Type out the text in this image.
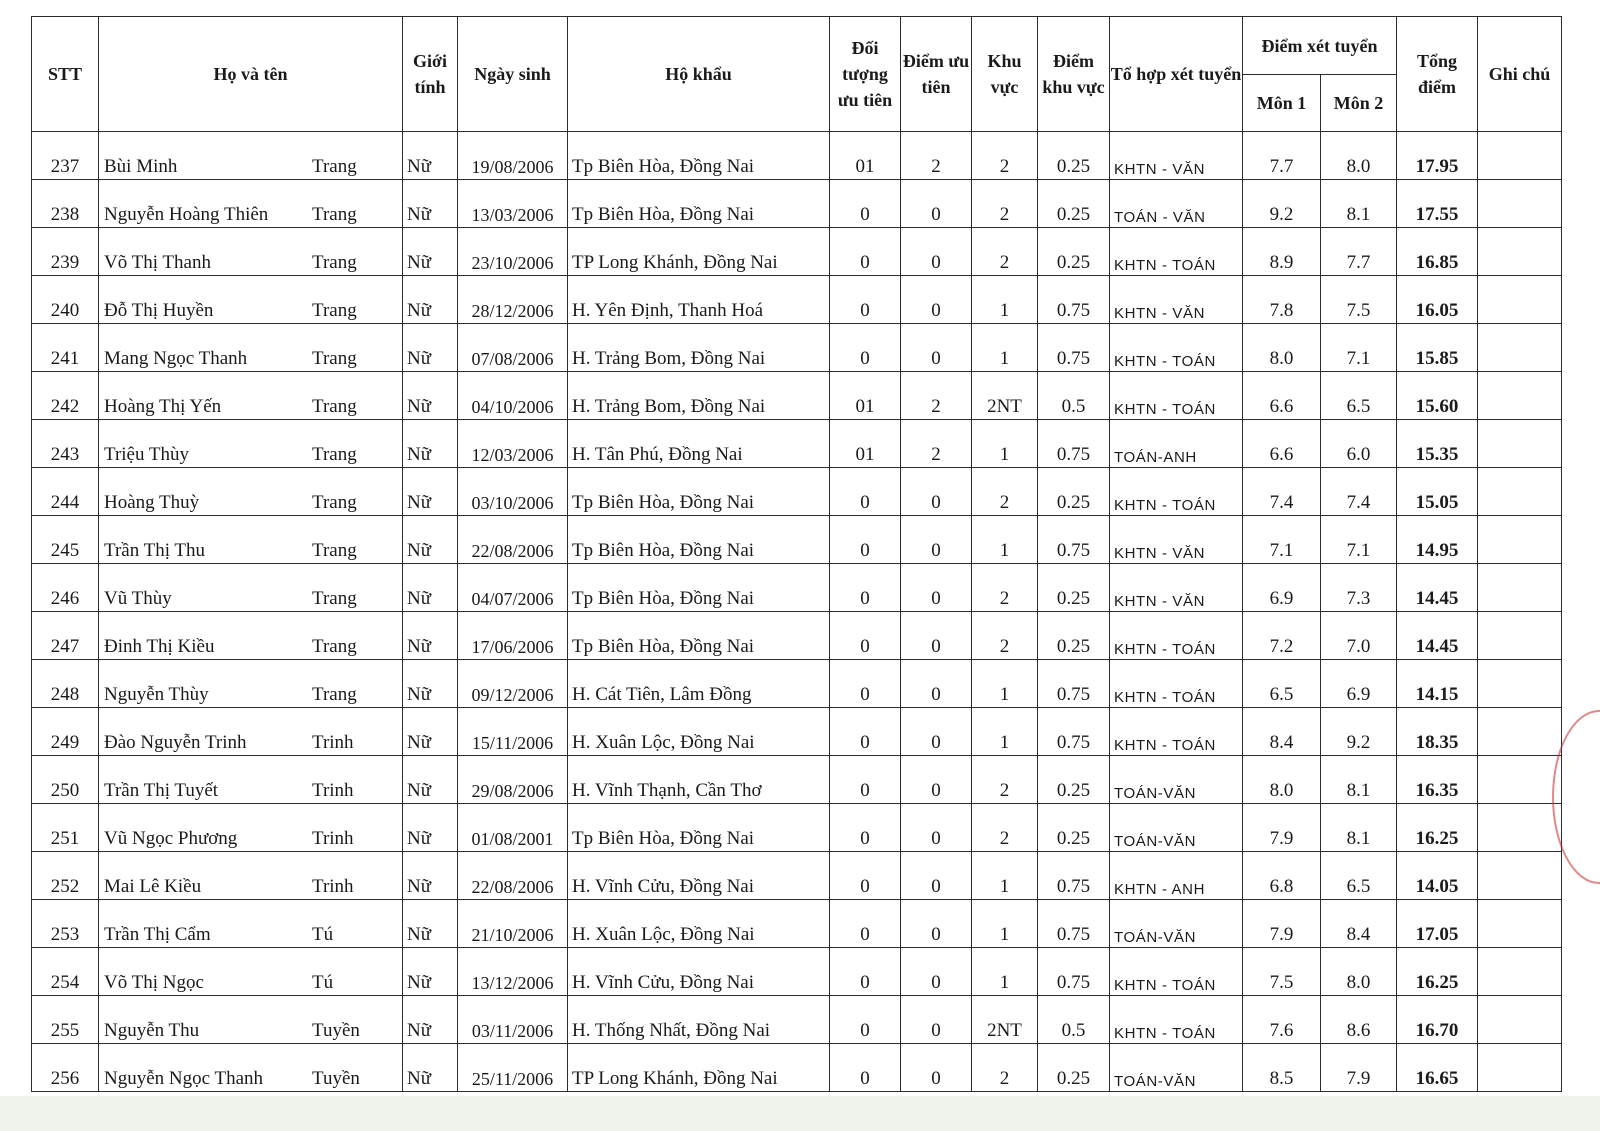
STT	Họ và tên	Giới tính	Ngày sinh	Hộ khẩu	Đối tượng ưu tiên	Điểm ưu tiên	Khu vực	Điểm khu vực	Tổ hợp xét tuyển	Điểm xét tuyển		Tổng điểm	Ghi chú
										Môn 1	Môn 2		
237	Bùi Minh Trang	Nữ	19/08/2006	Tp Biên Hòa, Đồng Nai	01	2	2	0.25	KHTN - VĂN	7.7	8.0	17.95	
238	Nguyễn Hoàng Thiên Trang	Nữ	13/03/2006	Tp Biên Hòa, Đồng Nai	0	0	2	0.25	TOÁN - VĂN	9.2	8.1	17.55	
239	Võ Thị Thanh Trang	Nữ	23/10/2006	TP Long Khánh, Đồng Nai	0	0	2	0.25	KHTN - TOÁN	8.9	7.7	16.85	
240	Đỗ Thị Huyền Trang	Nữ	28/12/2006	H. Yên Định, Thanh Hoá	0	0	1	0.75	KHTN - VĂN	7.8	7.5	16.05	
241	Mang Ngọc Thanh Trang	Nữ	07/08/2006	H. Trảng Bom, Đồng Nai	0	0	1	0.75	KHTN - TOÁN	8.0	7.1	15.85	
242	Hoàng Thị Yến Trang	Nữ	04/10/2006	H. Trảng Bom, Đồng Nai	01	2	2NT	0.5	KHTN - TOÁN	6.6	6.5	15.60	
243	Triệu Thùy Trang	Nữ	12/03/2006	H. Tân Phú, Đồng Nai	01	2	1	0.75	TOÁN-ANH	6.6	6.0	15.35	
244	Hoàng Thuỳ Trang	Nữ	03/10/2006	Tp Biên Hòa, Đồng Nai	0	0	2	0.25	KHTN - TOÁN	7.4	7.4	15.05	
245	Trần Thị Thu Trang	Nữ	22/08/2006	Tp Biên Hòa, Đồng Nai	0	0	1	0.75	KHTN - VĂN	7.1	7.1	14.95	
246	Vũ Thùy Trang	Nữ	04/07/2006	Tp Biên Hòa, Đồng Nai	0	0	2	0.25	KHTN - VĂN	6.9	7.3	14.45	
247	Đinh Thị Kiều Trang	Nữ	17/06/2006	Tp Biên Hòa, Đồng Nai	0	0	2	0.25	KHTN - TOÁN	7.2	7.0	14.45	
248	Nguyễn Thùy Trang	Nữ	09/12/2006	H. Cát Tiên, Lâm Đồng	0	0	1	0.75	KHTN - TOÁN	6.5	6.9	14.15	
249	Đào Nguyễn Trinh Trinh	Nữ	15/11/2006	H. Xuân Lộc, Đồng Nai	0	0	1	0.75	KHTN - TOÁN	8.4	9.2	18.35	
250	Trần Thị Tuyết Trinh	Nữ	29/08/2006	H. Vĩnh Thạnh, Cần Thơ	0	0	2	0.25	TOÁN-VĂN	8.0	8.1	16.35	
251	Vũ Ngọc Phương Trinh	Nữ	01/08/2001	Tp Biên Hòa, Đồng Nai	0	0	2	0.25	TOÁN-VĂN	7.9	8.1	16.25	
252	Mai Lê Kiều Trinh	Nữ	22/08/2006	H. Vĩnh Cửu, Đồng Nai	0	0	1	0.75	KHTN - ANH	6.8	6.5	14.05	
253	Trần Thị Cẩm Tú	Nữ	21/10/2006	H. Xuân Lộc, Đồng Nai	0	0	1	0.75	TOÁN-VĂN	7.9	8.4	17.05	
254	Võ Thị Ngọc Tú	Nữ	13/12/2006	H. Vĩnh Cửu, Đồng Nai	0	0	1	0.75	KHTN - TOÁN	7.5	8.0	16.25	
255	Nguyễn Thu Tuyền	Nữ	03/11/2006	H. Thống Nhất, Đồng Nai	0	0	2NT	0.5	KHTN - TOÁN	7.6	8.6	16.70	
256	Nguyễn Ngọc Thanh Tuyền	Nữ	25/11/2006	TP Long Khánh, Đồng Nai	0	0	2	0.25	TOÁN-VĂN	8.5	7.9	16.65	
